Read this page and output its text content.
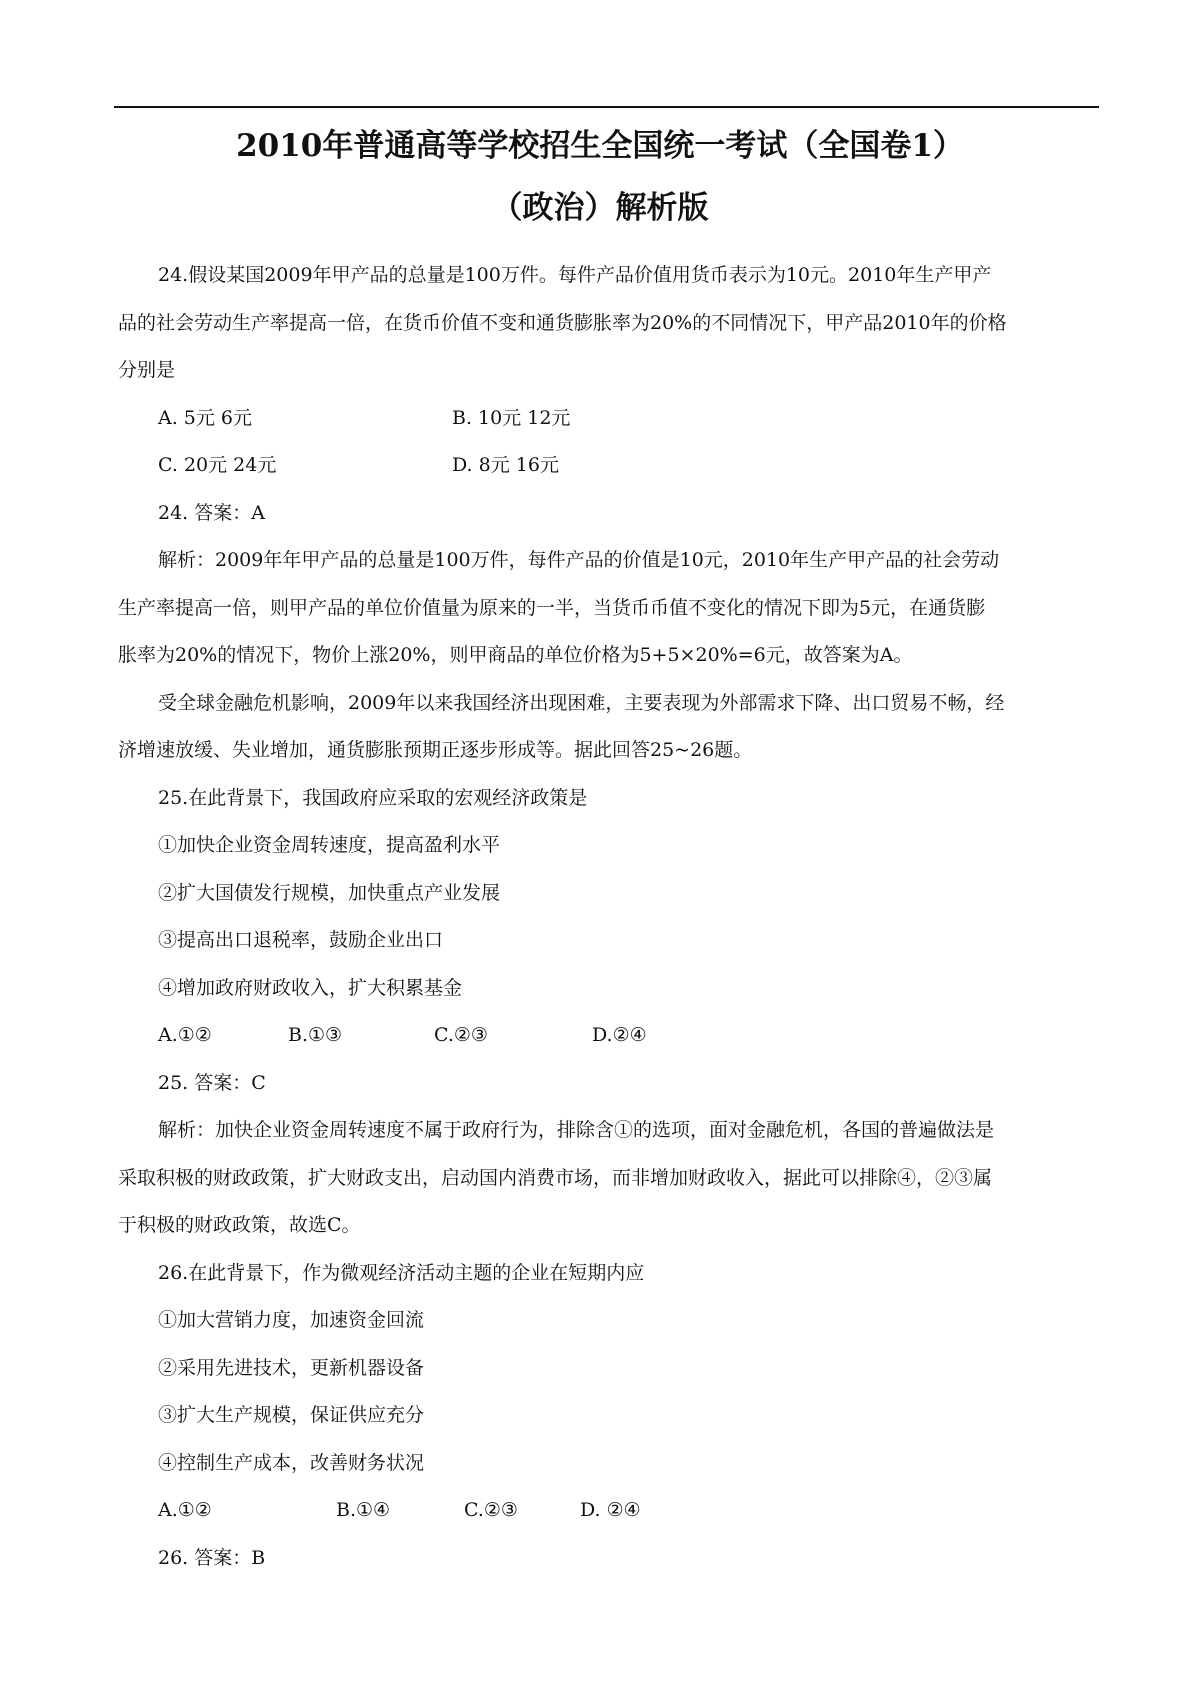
2010年普通高等学校招生全国统一考试（全国卷1）
（政治）解析版
24.假设某国2009年甲产品的总量是100万件。每件产品价值用货币表示为10元。2010年生产甲产
品的社会劳动生产率提高一倍，在货币价值不变和通货膨胀率为20%的不同情况下，甲产品2010年的价格
分别是
A. 5元 6元	B. 10元 12元
C. 20元 24元	D. 8元 16元
24. 答案：A
解析：2009年年甲产品的总量是100万件，每件产品的价值是10元，2010年生产甲产品的社会劳动
生产率提高一倍，则甲产品的单位价值量为原来的一半，当货币币值不变化的情况下即为5元，在通货膨
胀率为20%的情况下，物价上涨20%，则甲商品的单位价格为5+5×20%=6元，故答案为A。
受全球金融危机影响，2009年以来我国经济出现困难，主要表现为外部需求下降、出口贸易不畅，经
济增速放缓、失业增加，通货膨胀预期正逐步形成等。据此回答25~26题。
25.在此背景下，我国政府应采取的宏观经济政策是
①加快企业资金周转速度，提高盈利水平
②扩大国债发行规模，加快重点产业发展
③提高出口退税率，鼓励企业出口
④增加政府财政收入，扩大积累基金
A.①②	B.①③	C.②③	D.②④
25. 答案：C
解析：加快企业资金周转速度不属于政府行为，排除含①的选项，面对金融危机，各国的普遍做法是
采取积极的财政政策，扩大财政支出，启动国内消费市场，而非增加财政收入，据此可以排除④，②③属
于积极的财政政策，故选C。
26.在此背景下，作为微观经济活动主题的企业在短期内应
①加大营销力度，加速资金回流
②采用先进技术，更新机器设备
③扩大生产规模，保证供应充分
④控制生产成本，改善财务状况
A.①②	B.①④	C.②③	D. ②④
26. 答案：B
